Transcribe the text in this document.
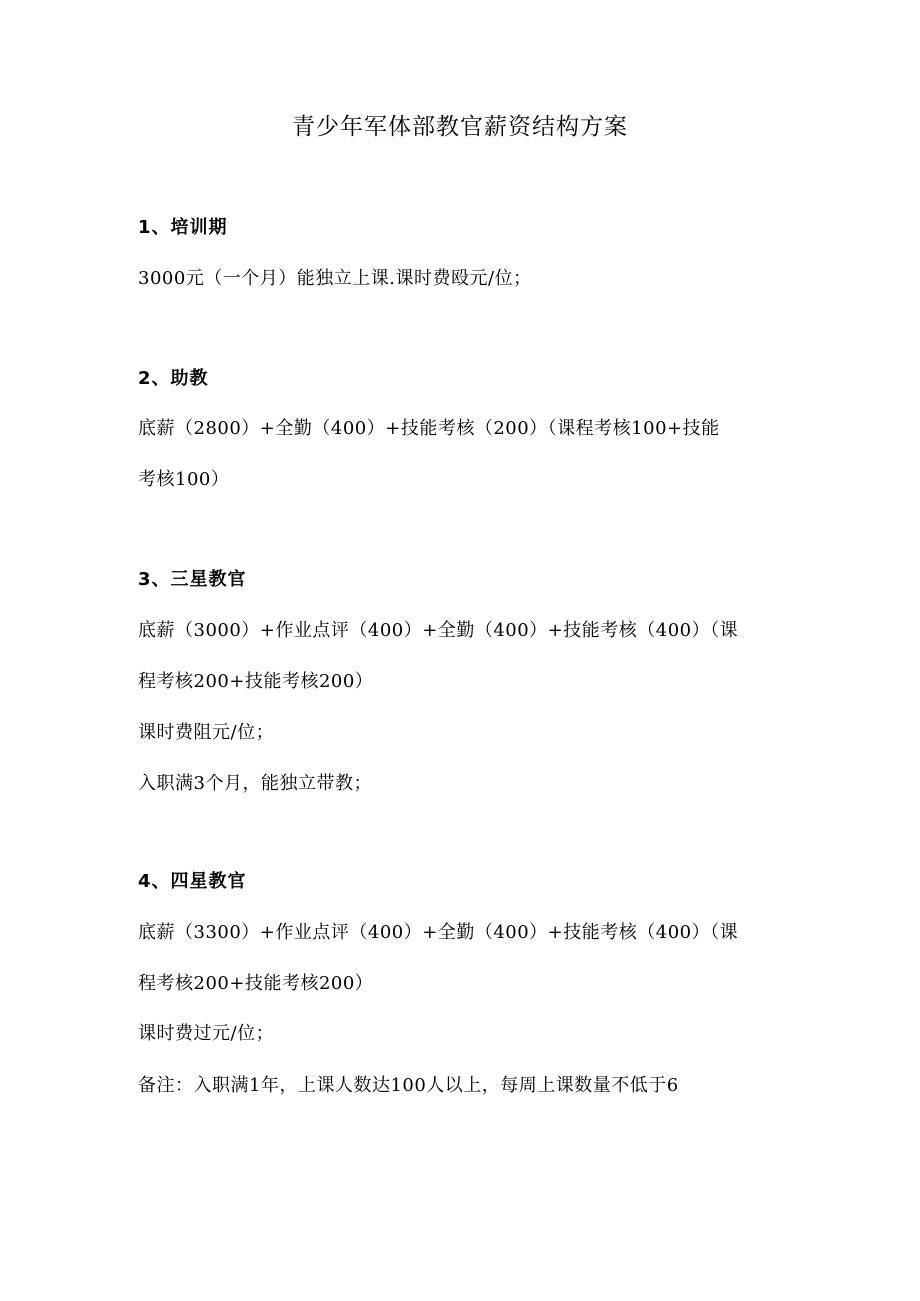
青少年军体部教官薪资结构方案
1、培训期
3000元（一个月）能独立上课.课时费殴元/位；
2、助教
底薪（2800）+全勤（400）+技能考核（200）（课程考核100+技能
考核100）
3、三星教官
底薪（3000）+作业点评（400）+全勤（400）+技能考核（400）（课
程考核200+技能考核200）
课时费阻元/位；
入职满3个月，能独立带教；
4、四星教官
底薪（3300）+作业点评（400）+全勤（400）+技能考核（400）（课
程考核200+技能考核200）
课时费过元/位；
备注：入职满1年，上课人数达100人以上，每周上课数量不低于6
